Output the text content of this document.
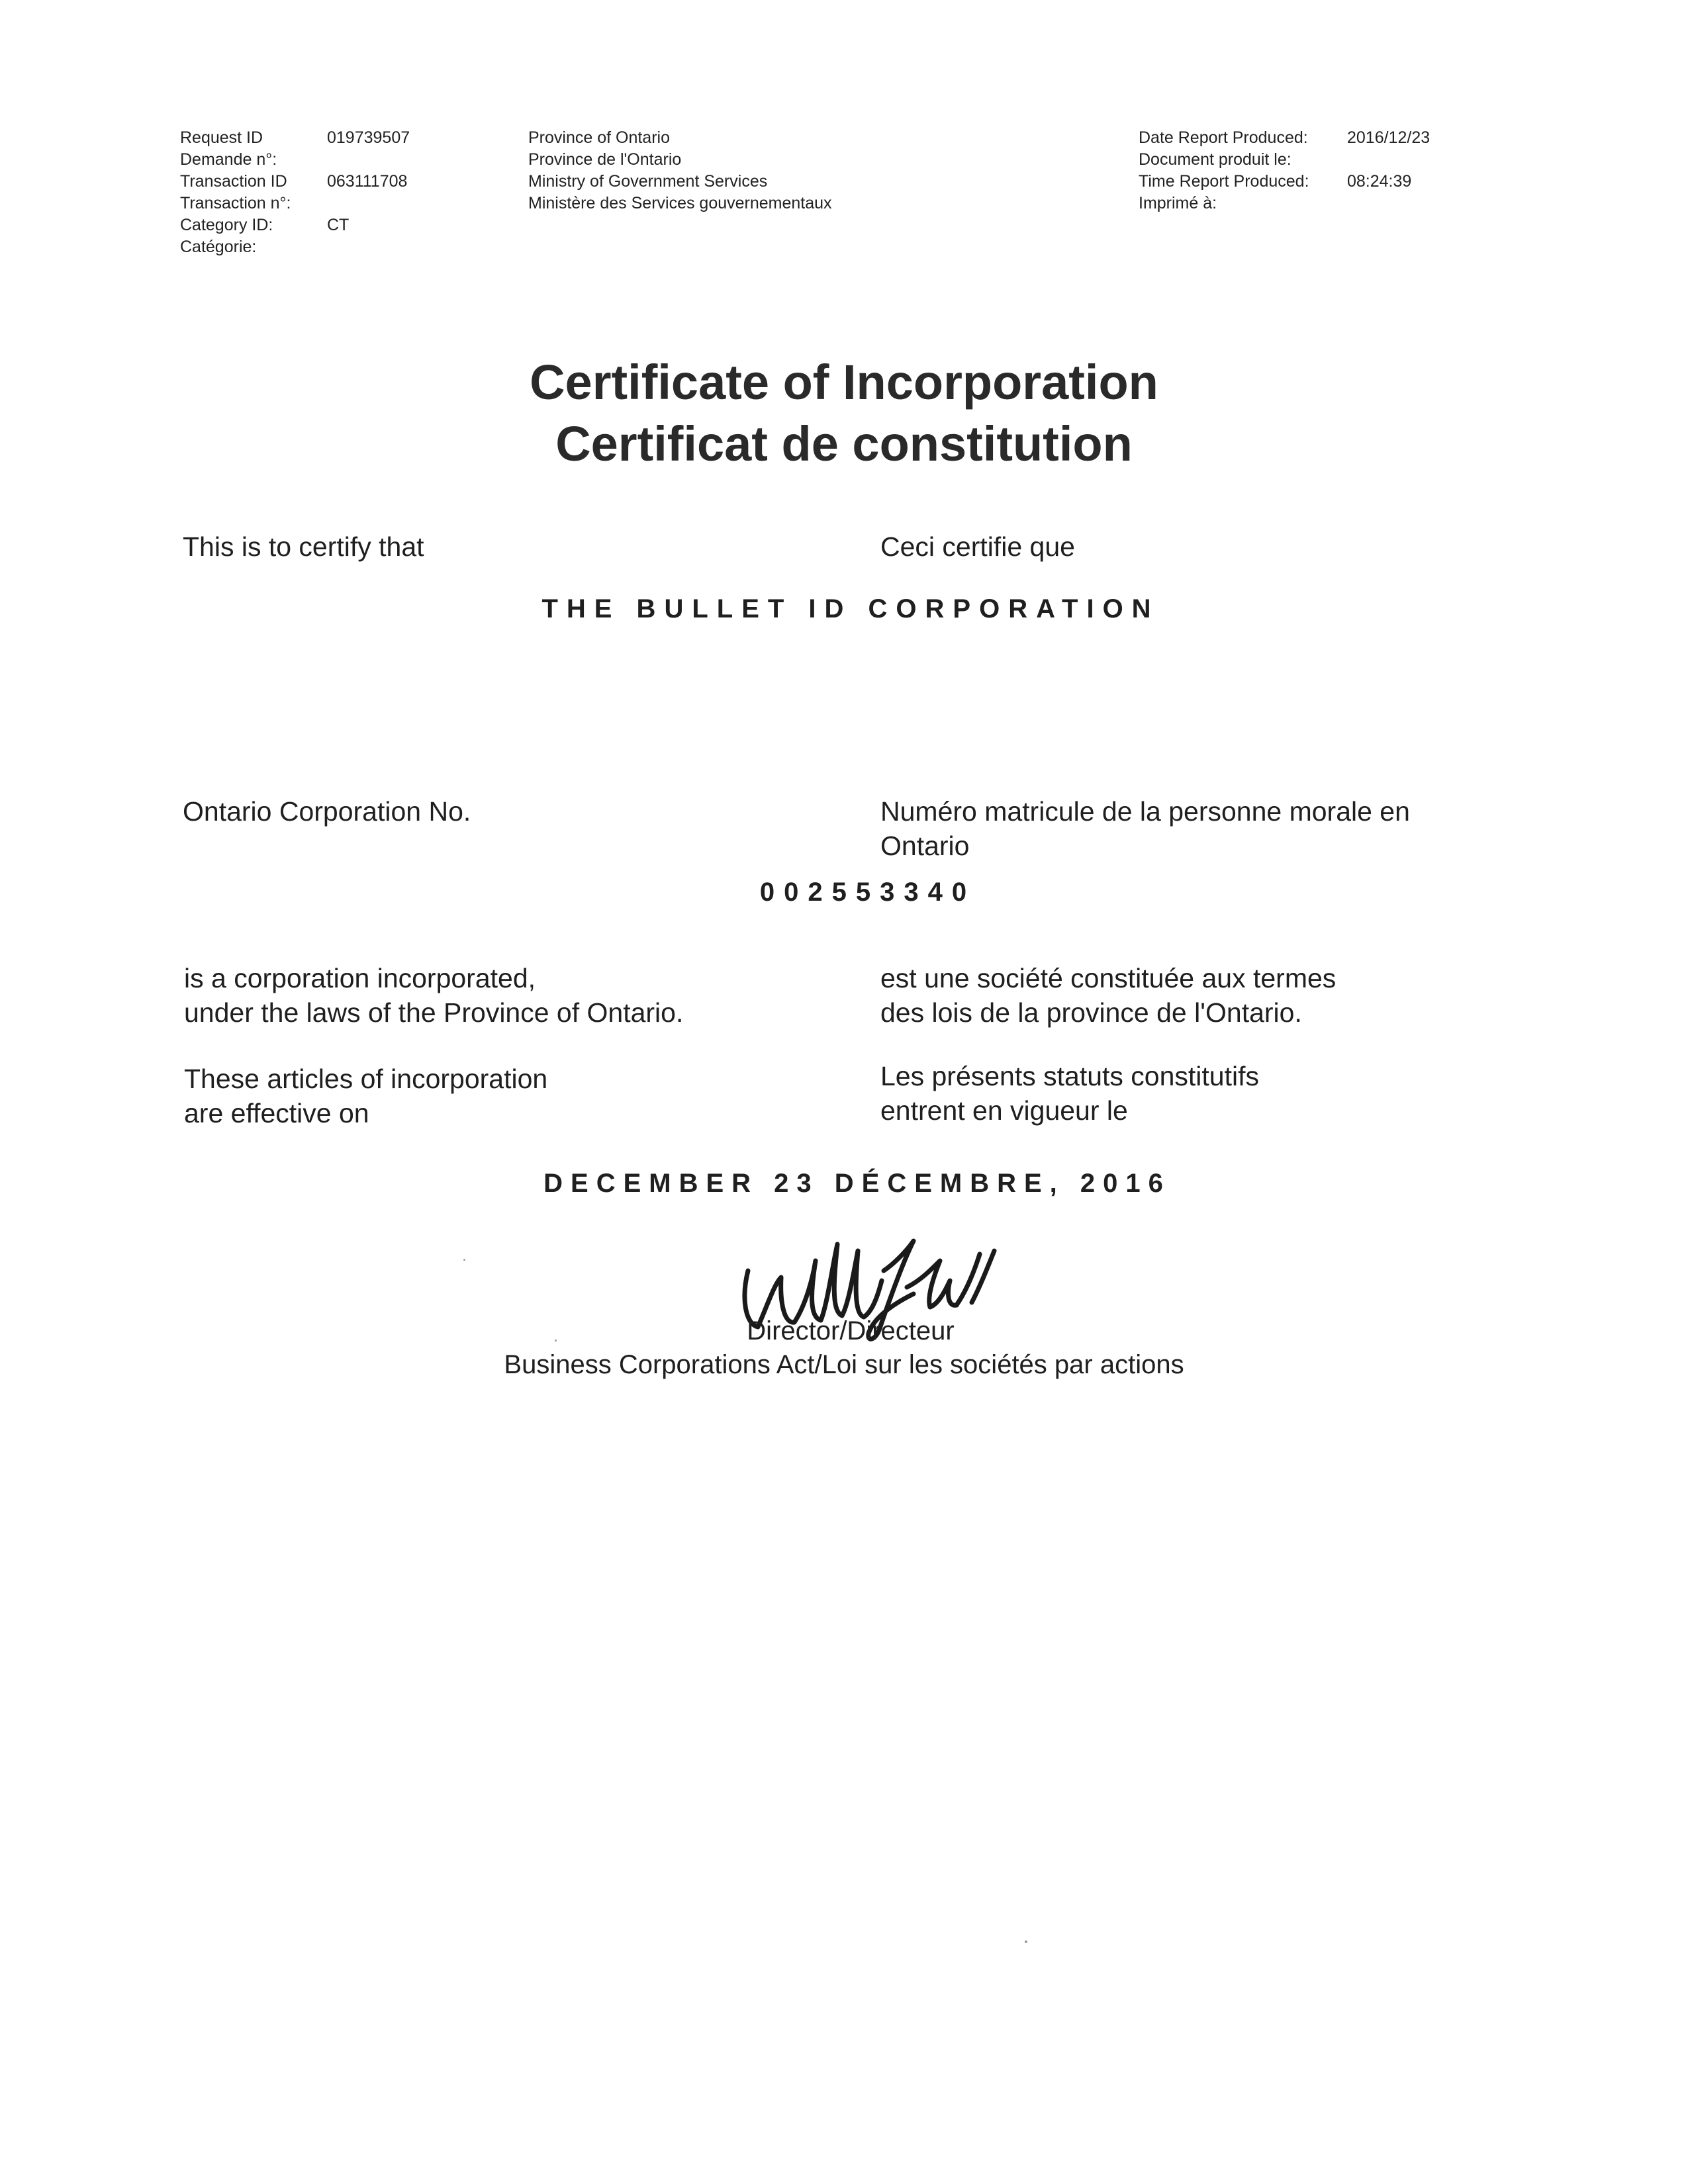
Request ID	019739507
Demande n°:
Transaction ID 063111708
Transaction n°:
Category ID:	CT
Catégorie:
Province of Ontario
Province de l'Ontario
Ministry of Government Services
Ministère des Services gouvernementaux
Date Report Produced: 2016/12/23
Document produit le:
Time Report Produced: 08:24:39
Imprimé à:
Certificate of Incorporation
Certificat de constitution
This is to certify that	Ceci certifie que
THE BULLET ID CORPORATION
Ontario Corporation No.	Numéro matricule de la personne morale en
Ontario
002553340
is a corporation incorporated,
under the laws of the Province of Ontario.
est une société constituée aux termes
des lois de la province de l'Ontario.
These articles of incorporation
are effective on
Les présents statuts constitutifs
entrent en vigueur le
DECEMBER 23 DÉCEMBRE, 2016
Director/Directeur
Business Corporations Act/Loi sur les sociétés par actions
